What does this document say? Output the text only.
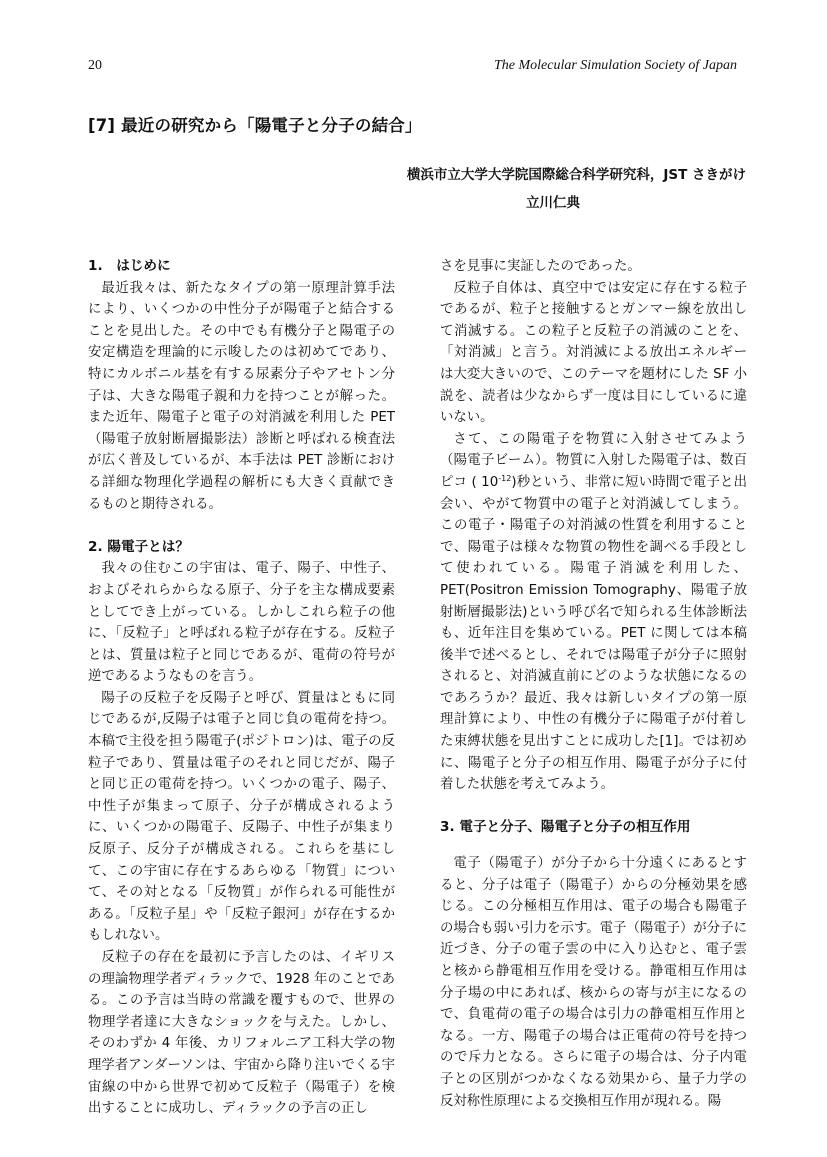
20	The Molecular Simulation Society of Japan
[7] 最近の研究から「陽電子と分子の結合」
横浜市立大学大学院国際総合科学研究科，JST さきがけ
立川仁典
1.　はじめに

最近我々は、新たなタイプの第一原理計算手法により、いくつかの中性分子が陽電子と結合することを見出した。その中でも有機分子と陽電子の安定構造を理論的に示唆したのは初めてであり、特にカルボニル基を有する尿素分子やアセトン分子は、大きな陽電子親和力を持つことが解った。また近年、陽電子と電子の対消滅を利用した PET（陽電子放射断層撮影法）診断と呼ばれる検査法が広く普及しているが、本手法は PET 診断における詳細な物理化学過程の解析にも大きく貢献できるものと期待される。

2. 陽電子とは？

我々の住むこの宇宙は、電子、陽子、中性子、およびそれらからなる原子、分子を主な構成要素としてでき上がっている。しかしこれら粒子の他に、「反粒子」と呼ばれる粒子が存在する。反粒子とは、質量は粒子と同じであるが、電荷の符号が逆であるようなものを言う。

陽子の反粒子を反陽子と呼び、質量はともに同じであるが,反陽子は電子と同じ負の電荷を持つ。本稿で主役を担う陽電子(ポジトロン)は、電子の反粒子であり、質量は電子のそれと同じだが、陽子と同じ正の電荷を持つ。いくつかの電子、陽子、中性子が集まって原子、分子が構成されるように、いくつかの陽電子、反陽子、中性子が集まり反原子、反分子が構成される。これらを基にして、この宇宙に存在するあらゆる「物質」について、その対となる「反物質」が作られる可能性がある。「反粒子星」や「反粒子銀河」が存在するかもしれない。

反粒子の存在を最初に予言したのは、イギリスの理論物理学者ディラックで、1928 年のことである。この予言は当時の常識を覆すもので、世界の物理学者達に大きなショックを与えた。しかし、そのわずか 4 年後、カリフォルニア工科大学の物理学者アンダーソンは、宇宙から降り注いでくる宇宙線の中から世界で初めて反粒子（陽電子）を検出することに成功し、ディラックの予言の正し

さを見事に実証したのであった。

反粒子自体は、真空中では安定に存在する粒子であるが、粒子と接触するとガンマー線を放出して消滅する。この粒子と反粒子の消滅のことを、「対消滅」と言う。対消滅による放出エネルギーは大変大きいので、このテーマを題材にした SF 小説を、読者は少なからず一度は目にしているに違いない。

さて、この陽電子を物質に入射させてみよう（陽電子ビーム）。物質に入射した陽電子は、数百ピコ ( $10^{-12}$)秒という、非常に短い時間で電子と出会い、やがて物質中の電子と対消滅してしまう。この電子・陽電子の対消滅の性質を利用することで、陽電子は様々な物質の物性を調べる手段として使われている。陽電子消滅を利用した、PET(Positron Emission Tomography、陽電子放射断層撮影法)という呼び名で知られる生体診断法も、近年注目を集めている。PET に関しては本稿後半で述べるとし、それでは陽電子が分子に照射されると、対消滅直前にどのような状態になるのであろうか？最近、我々は新しいタイプの第一原理計算により、中性の有機分子に陽電子が付着した束縛状態を見出すことに成功した[1]。では初めに、陽電子と分子の相互作用、陽電子が分子に付着した状態を考えてみよう。

3. 電子と分子、陽電子と分子の相互作用

電子（陽電子）が分子から十分遠くにあるとすると、分子は電子（陽電子）からの分極効果を感じる。この分極相互作用は、電子の場合も陽電子の場合も弱い引力を示す。電子（陽電子）が分子に近づき、分子の電子雲の中に入り込むと、電子雲と核から静電相互作用を受ける。静電相互作用は分子場の中にあれば、核からの寄与が主になるので、負電荷の電子の場合は引力の静電相互作用となる。一方、陽電子の場合は正電荷の符号を持つので斥力となる。さらに電子の場合は、分子内電子との区別がつかなくなる効果から、量子力学の反対称性原理による交換相互作用が現れる。陽
